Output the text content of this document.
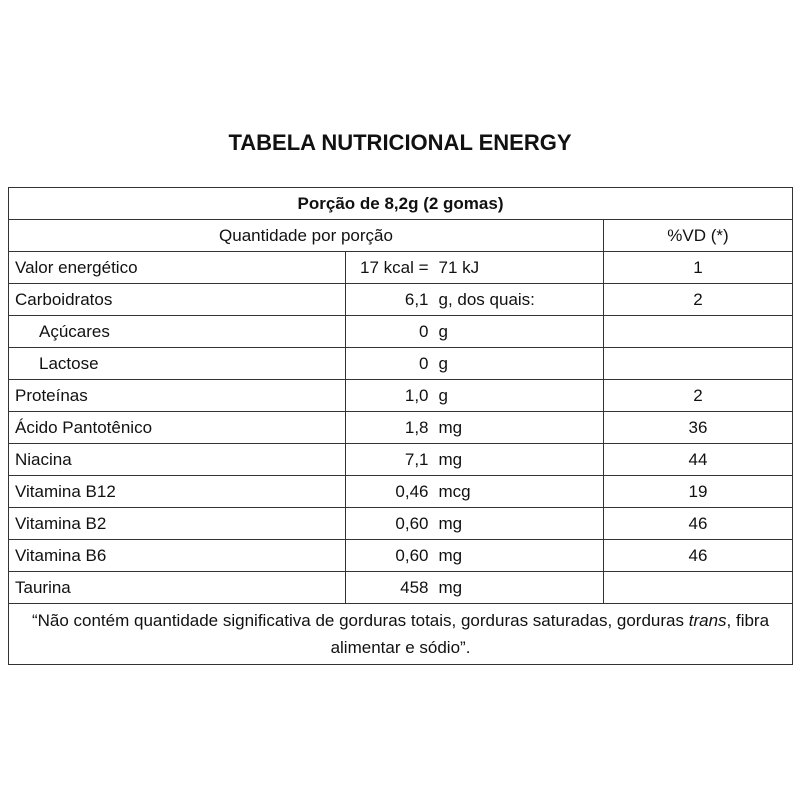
TABELA NUTRICIONAL ENERGY
Porção de 8,2g (2 gomas)			
Quantidade por porção			%VD (*)
Valor energético	17 kcal =	71 kJ	1
Carboidratos	6,1	g, dos quais:	2
Açúcares	0	g	
Lactose	0	g	
Proteínas	1,0	g	2
Ácido Pantotênico	1,8	mg	36
Niacina	7,1	mg	44
Vitamina B12	0,46	mcg	19
Vitamina B2	0,60	mg	46
Vitamina B6	0,60	mg	46
Taurina	458	mg	
“Não contém quantidade significativa de gorduras totais, gorduras saturadas, gorduras trans, fibra alimentar e sódio”.			
